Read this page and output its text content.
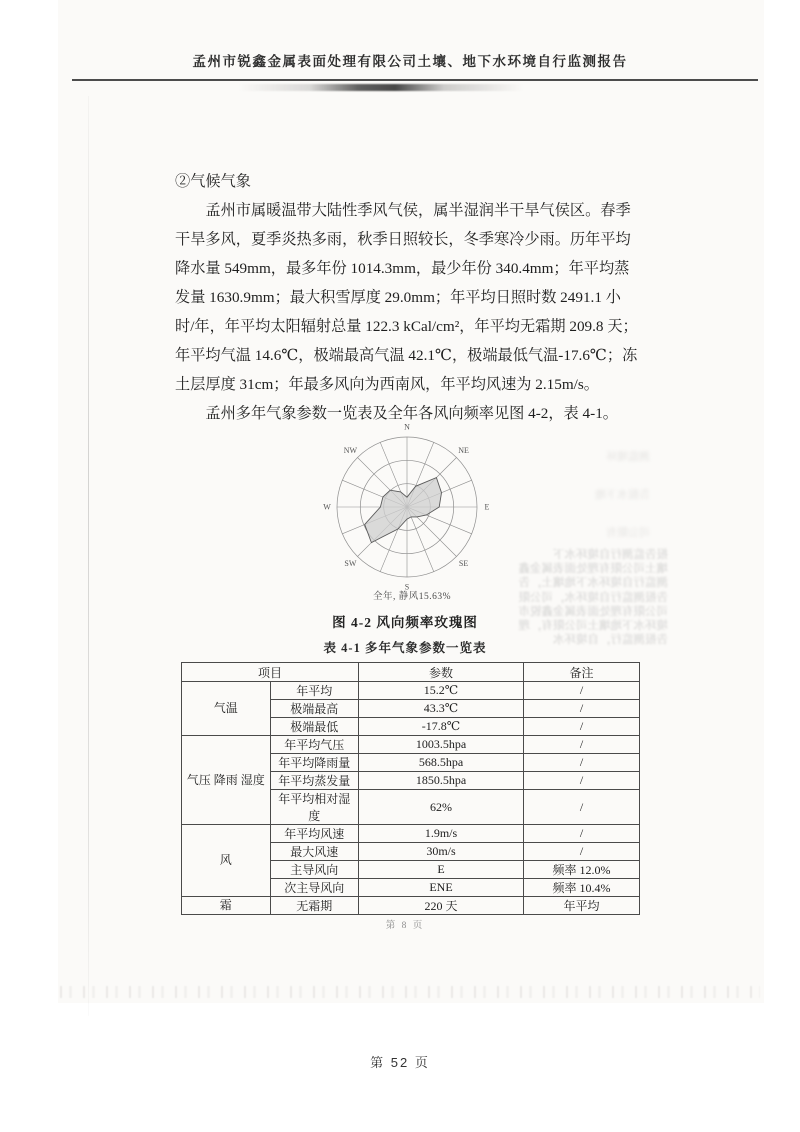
孟州市锐鑫金属表面处理有限公司土壤、地下水环境自行监测报告
②气候气象
孟州市属暖温带大陆性季风气侯，属半湿润半干旱气侯区。春季
干旱多风，夏季炎热多雨，秋季日照较长，冬季寒冷少雨。历年平均
降水量 549mm，最多年份 1014.3mm，最少年份 340.4mm；年平均蒸
发量 1630.9mm；最大积雪厚度 29.0mm；年平均日照时数 2491.1 小
时/年，年平均太阳辐射总量 122.3 kCal/cm²，年平均无霜期 209.8 天；
年平均气温 14.6℃，极端最高气温 42.1℃，极端最低气温-17.6℃；冻
土层厚度 31cm；年最多风向为西南风，年平均风速为 2.15m/s。
孟州多年气象参数一览表及全年各风向频率见图 4-2，表 4-1。
N
NE
E
SE
S
SW
W
NW
全年, 静风15.63%
图 4-2 风向频率玫瑰图
表 4-1 多年气象参数一览表
项目		参数	备注
气温	年平均	15.2℃	/
	极端最高	43.3℃	/
	极端最低	-17.8℃	/
气压 降雨 湿度	年平均气压	1003.5hpa	/
	年平均降雨量	568.5hpa	/
	年平均蒸发量	1850.5hpa	/
	年平均相对湿度	62%	/
风	年平均风速	1.9m/s	/
	最大风速	30m/s	/
	主导风向	E	频率 12.0%
	次主导风向	ENE	频率 10.4%
霜	无霜期	220 天	年平均
报告监测行自境环水下
壤土司公限有理处面表属金鑫
测监行自境环水下地壤土，告
告报测监行自境环水，司公限
司公限有理处面表属金鑫锐市
境环水下地壤土司公限有，理
告报测监行，自境环水
测监境环
告报水下地
司公限有
第 8 页
第 52 页
